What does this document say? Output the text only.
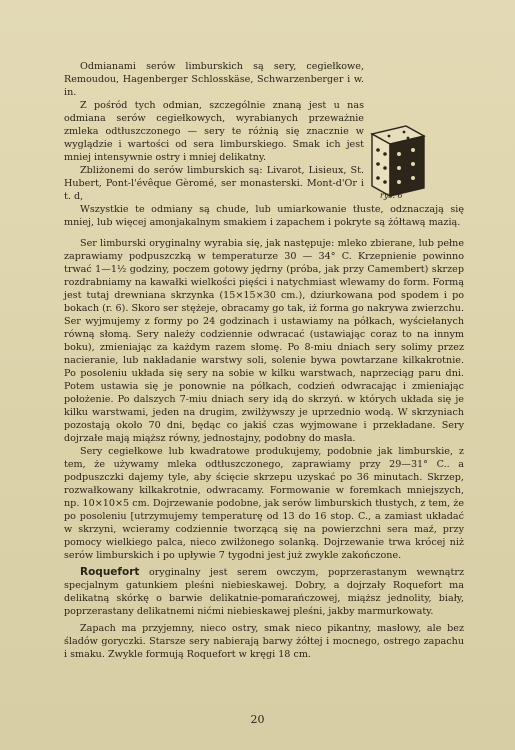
Odmianami serów limburskich są sery, cegiełkowe, Remoudou, Hagenberger Schlosskäse, Schwarzenberger i w. in.

Z pośród tych odmian, szczególnie znaną jest u nas odmiana serów cegiełkowych, wyrabianych przeważnie zmleka odtłuszczonego — sery te różnią się znacznie w wyglądzie i wartości od sera limburskiego. Smak ich jest mniej intensywnie ostry i mniej delikatny.

Zbliżonemi do serów limburskich są: Livarot, Lisieux, St. Hubert, Pont-l'évêque Gèromé, ser monasterski. Mont-d'Or i t. d,

Wszystkie te odmiany są chude, lub umiarkowanie tłuste, odznaczają się mniej, lub więcej amonjakalnym smakiem i zapachem i pokryte są żółtawą mazią.

Ser limburski oryginalny wyrabia się, jak następuje: mleko zbierane, lub pełne zaprawiamy podpuszczką w temperaturze 30 — 34° C. Krzepnienie powinno trwać 1—1½ godziny, poczem gotowy jędrny (próba, jak przy Camembert) skrzep rozdrabniamy na kawałki wielkości pięści i natychmiast wlewamy do form. Formą jest tutaj drewniana skrzynka (15×15×30 cm.), dziurkowana pod spodem i po bokach (r. 6). Skoro ser stężeje, obracamy go tak, iż forma go nakrywa zwierzchu. Ser wyjmujemy z formy po 24 godzinach i ustawiamy na półkach, wyściełanych równą słomą. Sery należy codziennie odwracać (ustawiając coraz to na innym boku), zmieniając za każdym razem słomę. Po 8-miu dniach sery solimy przez nacieranie, lub nakładanie warstwy soli, solenie bywa powtarzane kilkakrotnie. Po posoleniu układa się sery na sobie w kilku warstwach, naprzeciąg paru dni. Potem ustawia się je ponownie na półkach, codzień odwracając i zmieniając położenie. Po dalszych 7-miu dniach sery idą do skrzyń. w których układa się je kilku warstwami, jeden na drugim, zwilżywszy je uprzednio wodą. W skrzyniach pozostają około 70 dni, będąc co jakiś czas wyjmowane i przekładane. Sery dojrzałe mają miąższ równy, jednostajny, podobny do masła.

Sery cegiełkowe lub kwadratowe produkujemy, podobnie jak limburskie, z tem, że używamy mleka odtłuszczonego, zaprawiamy przy 29—31° C.. a podpuszczki dajemy tyle, aby ścięcie skrzepu uzyskać po 36 minutach. Skrzep, rozwałkowany kilkakrotnie, odwracamy. Formowanie w foremkach mniejszych, np. 10×10×5 cm. Dojrzewanie podobne, jak serów limburskich tłustych, z tem, że po posoleniu [utrzymujemy temperaturę od 13 do 16 stop. C., a zamiast układać w skrzyni, wcieramy codziennie tworzącą się na powierzchni sera maź, przy pomocy wielkiego palca, nieco zwilżonego solanką. Dojrzewanie trwa krócej niż serów limburskich i po upływie 7 tygodni jest już zwykle zakończone.

Roquefort oryginalny jest serem owczym, poprzerastanym wewnątrz specjalnym gatunkiem pleśni niebieskawej. Dobry, a dojrzały Roquefort ma delikatną skórkę o barwie delikatnie-pomarańczowej, miąższ jednolity, biały, poprzerastany delikatnemi nićmi niebieskawej pleśni, jakby marmurkowaty.

Zapach ma przyjemny, nieco ostry, smak nieco pikantny, masłowy, ale bez śladów goryczki. Starsze sery nabierają barwy żółtej i mocnego, ostrego zapachu i smaku. Zwykle formują Roquefort w kręgi 18 cm.

rys. 6
20
